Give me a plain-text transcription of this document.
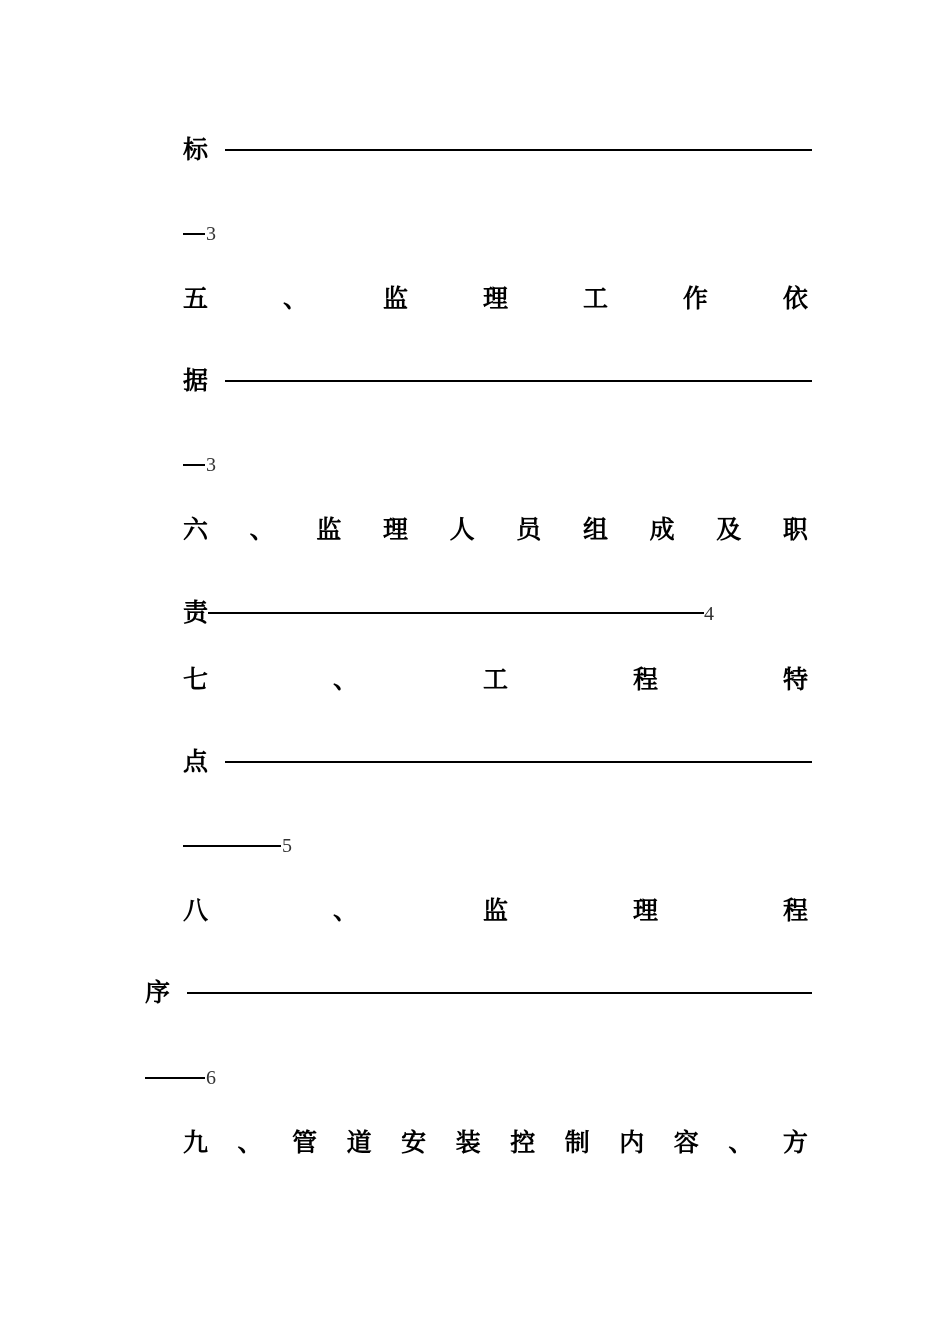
标
3
五	、	监	理	工	作	依
据
3
六 、 监 理 人 员 组 成 及 职
责	4
七	、	工	程	特
点
5
八	、	监	理	程
序
6
九 、 管 道 安 装 控 制 内 容 、 方
